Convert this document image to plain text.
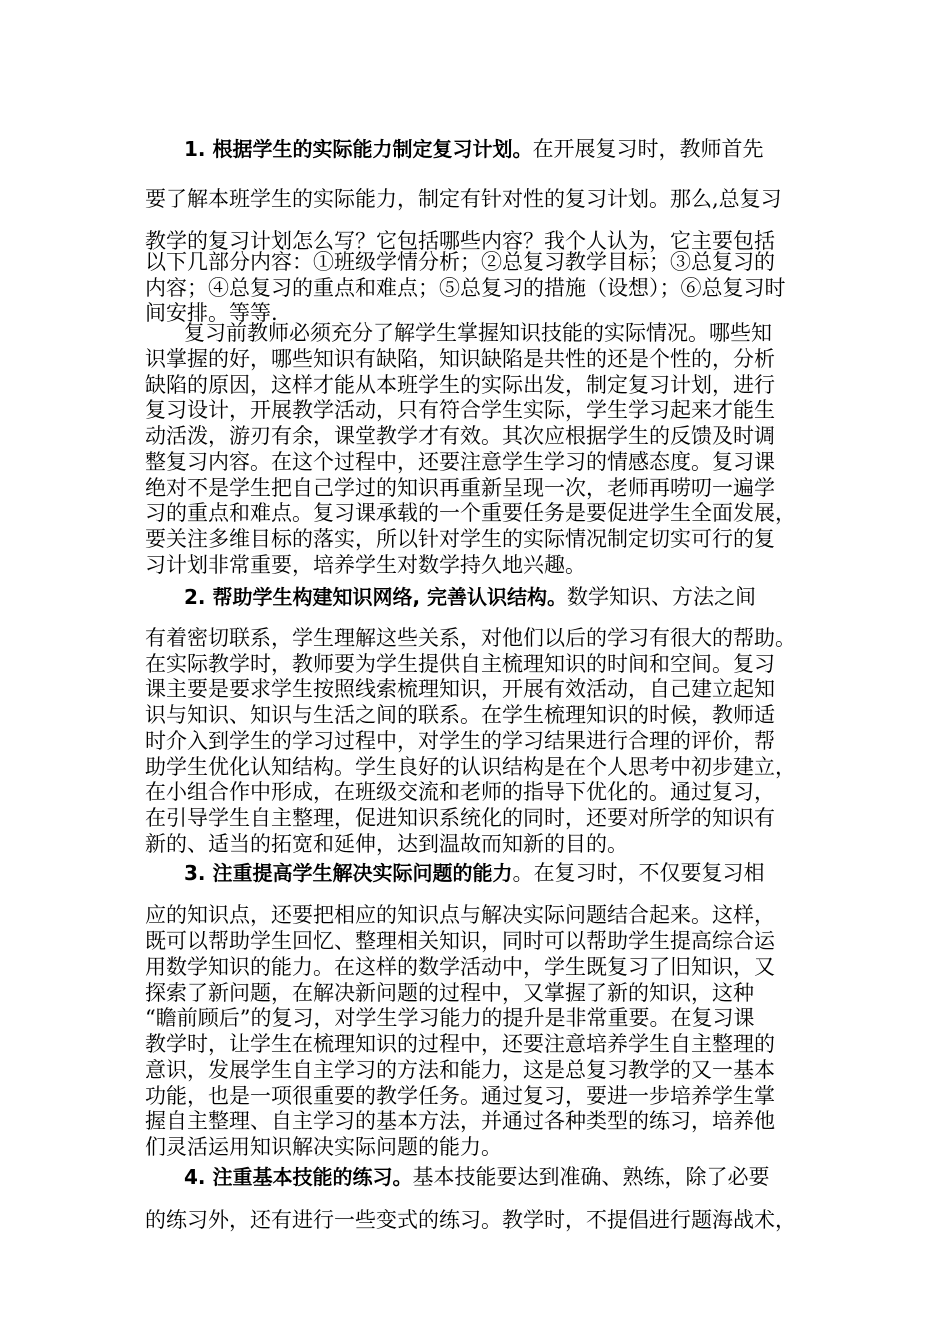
1. 根据学生的实际能力制定复习计划。在开展复习时，教师首先
要了解本班学生的实际能力，制定有针对性的复习计划。那么,总复习
教学的复习计划怎么写？它包括哪些内容？我个人认为，它主要包括
以下几部分内容：①班级学情分析；②总复习教学目标；③总复习的
内容；④总复习的重点和难点；⑤总复习的措施（设想）；⑥总复习时
间安排。等等.
复习前教师必须充分了解学生掌握知识技能的实际情况。哪些知
识掌握的好，哪些知识有缺陷，知识缺陷是共性的还是个性的，分析
缺陷的原因，这样才能从本班学生的实际出发，制定复习计划，进行
复习设计，开展教学活动，只有符合学生实际，学生学习起来才能生
动活泼，游刃有余，课堂教学才有效。其次应根据学生的反馈及时调
整复习内容。在这个过程中，还要注意学生学习的情感态度。复习课
绝对不是学生把自己学过的知识再重新呈现一次，老师再唠叨一遍学
习的重点和难点。复习课承载的一个重要任务是要促进学生全面发展，
要关注多维目标的落实，所以针对学生的实际情况制定切实可行的复
习计划非常重要，培养学生对数学持久地兴趣。
2. 帮助学生构建知识网络, 完善认识结构。数学知识、方法之间
有着密切联系，学生理解这些关系，对他们以后的学习有很大的帮助。
在实际教学时，教师要为学生提供自主梳理知识的时间和空间。复习
课主要是要求学生按照线索梳理知识，开展有效活动，自己建立起知
识与知识、知识与生活之间的联系。在学生梳理知识的时候，教师适
时介入到学生的学习过程中，对学生的学习结果进行合理的评价，帮
助学生优化认知结构。学生良好的认识结构是在个人思考中初步建立，
在小组合作中形成，在班级交流和老师的指导下优化的。通过复习，
在引导学生自主整理，促进知识系统化的同时，还要对所学的知识有
新的、适当的拓宽和延伸，达到温故而知新的目的。
3. 注重提高学生解决实际问题的能力。在复习时，不仅要复习相
应的知识点，还要把相应的知识点与解决实际问题结合起来。这样，
既可以帮助学生回忆、整理相关知识，同时可以帮助学生提高综合运
用数学知识的能力。在这样的数学活动中，学生既复习了旧知识，又
探索了新问题，在解决新问题的过程中，又掌握了新的知识，这种
“瞻前顾后”的复习，对学生学习能力的提升是非常重要。在复习课
教学时，让学生在梳理知识的过程中，还要注意培养学生自主整理的
意识，发展学生自主学习的方法和能力，这是总复习教学的又一基本
功能，也是一项很重要的教学任务。通过复习，要进一步培养学生掌
握自主整理、自主学习的基本方法，并通过各种类型的练习，培养他
们灵活运用知识解决实际问题的能力。
4. 注重基本技能的练习。基本技能要达到准确、熟练，除了必要
的练习外，还有进行一些变式的练习。教学时，不提倡进行题海战术，
